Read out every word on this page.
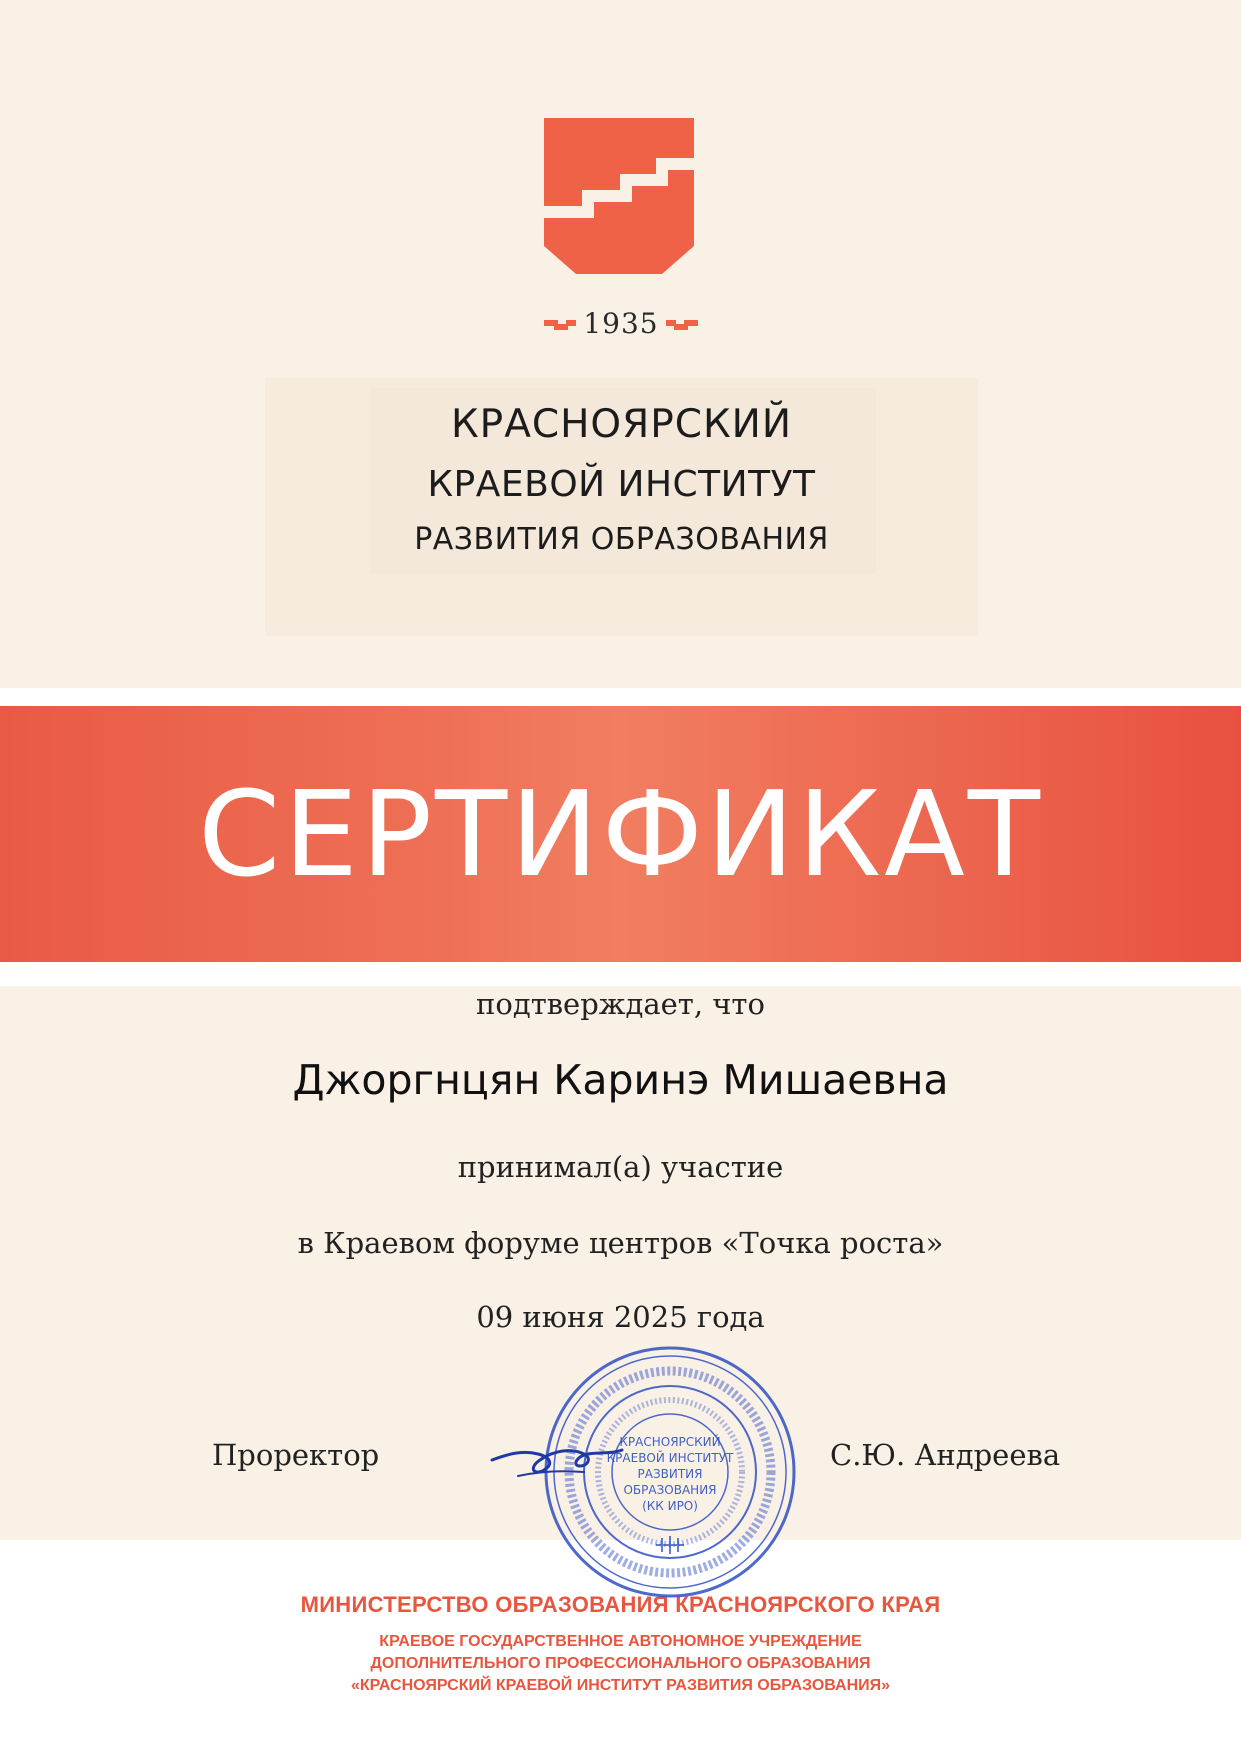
1935
КРАСНОЯРСКИЙ
КРАЕВОЙ ИНСТИТУТ
РАЗВИТИЯ ОБРАЗОВАНИЯ
СЕРТИФИКАТ
подтверждает, что
Джоргнцян Каринэ Мишаевна
принимал(а) участие
в Краевом форуме центров «Точка роста»
09 июня 2025 года
МИНИСТЕРСТВО ОБРАЗОВАНИЯ КРАСНОЯРСКОГО КРАЯ
КРАЕВОЕ ГОСУДАРСТВЕННОЕ АВТОНОМНОЕ УЧРЕЖДЕНИЕ
ДОПОЛНИТЕЛЬНОГО ПРОФЕССИОНАЛЬНОГО ОБРАЗОВАНИЯ
«КРАСНОЯРСКИЙ КРАЕВОЙ ИНСТИТУТ РАЗВИТИЯ ОБРАЗОВАНИЯ»
Проректор	С.Ю. Андреева
КРАСНОЯРСКИЙ
КРАЕВОЙ ИНСТИТУТ
РАЗВИТИЯ
ОБРАЗОВАНИЯ
(КК ИРО)
